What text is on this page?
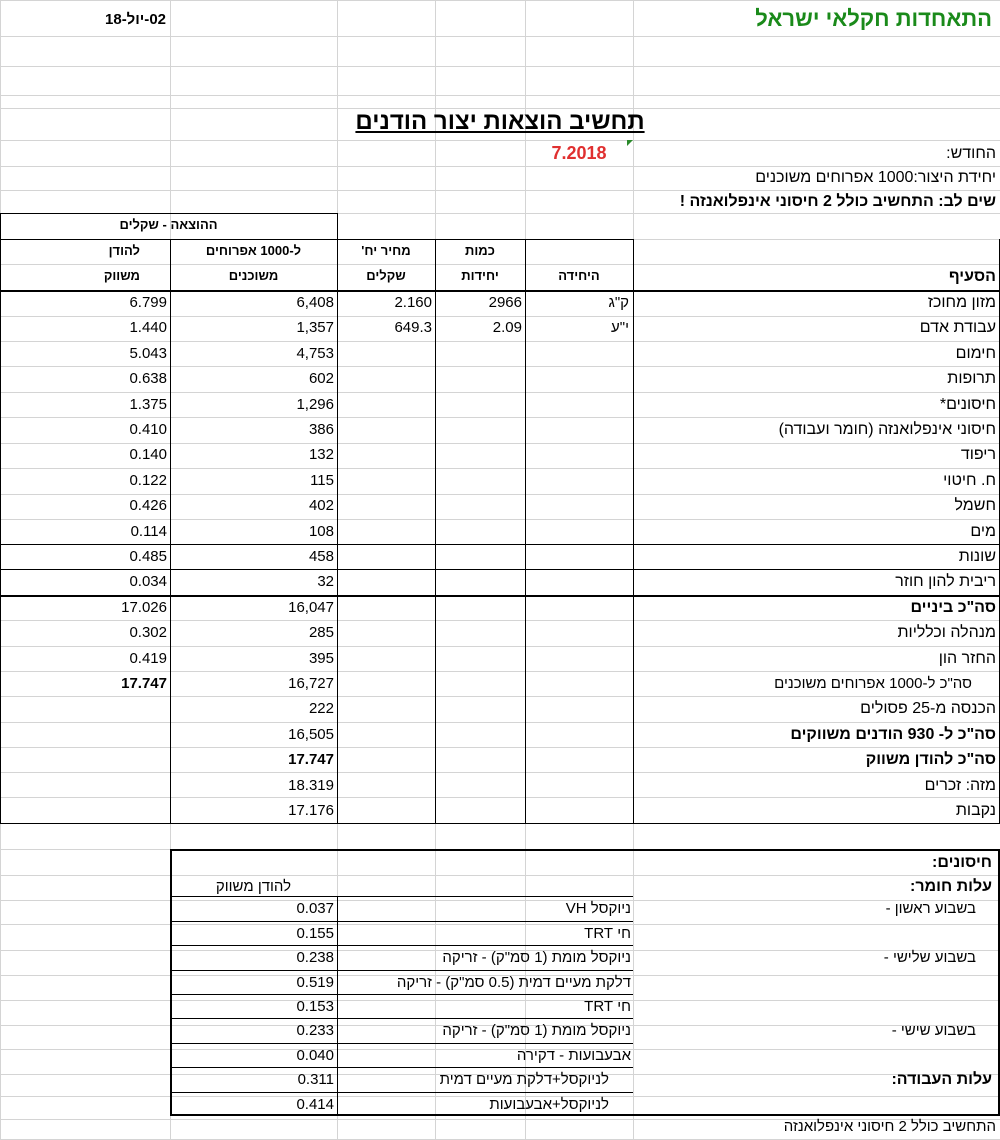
התאחדות חקלאי ישראל
02-יול-18
תחשיב הוצאות יצור הודנים
החודש:
7.2018
יחידת היצור:1000 אפרוחים משוכנים
שים לב: התחשיב כולל 2 חיסוני אינפלואנזה !
ההוצאה - שקלים
להודן
משווק
ל-1000 אפרוחים
משוכנים
מחיר יח'
שקלים
כמות
יחידות	היחידה	הסעיף
מזון מחוכז
ק"ג
2966
2.160
6,408
6.799
עבודת אדם
י"ע
2.09
649.3
1,357
1.440
חימום
4,753
5.043
תרופות
602
0.638
חיסונים*
1,296
1.375
חיסוני אינפלואנזה (חומר ועבודה)
386
0.410
ריפוד
132
0.140
ח. חיטוי
115
0.122
חשמל
402
0.426
מים
108
0.114
שונות
458
0.485
ריבית להון חוזר
32
0.034
סה"כ ביניים
16,047
17.026
מנהלה וכלליות
285
0.302
החזר הון
395
0.419
סה"כ ל-1000 אפרוחים משוכנים
16,727
17.747
הכנסה מ-25 פסולים
222
סה"כ ל- 930 הודנים משווקים
16,505
סה"כ להודן משווק
17.747
מזה: זכרים
18.319
נקבות
17.176
חיסונים:
עלות חומר:
להודן משווק
בשבוע ראשון -
ניוקסל VH
0.037
חי TRT
0.155
בשבוע שלישי -
ניוקסל מומת (1 סמ"ק) - זריקה
0.238
דלקת מעיים דמית (0.5 סמ"ק) - זריקה
0.519
חי TRT
0.153
בשבוע שישי -
ניוקסל מומת (1 סמ"ק) - זריקה
0.233
אבעבועות - דקירה
0.040
עלות העבודה:
לניוקסל+דלקת מעיים דמית
0.311
לניוקסל+אבעבועות
0.414
התחשיב כולל 2 חיסוני אינפלואנזה
